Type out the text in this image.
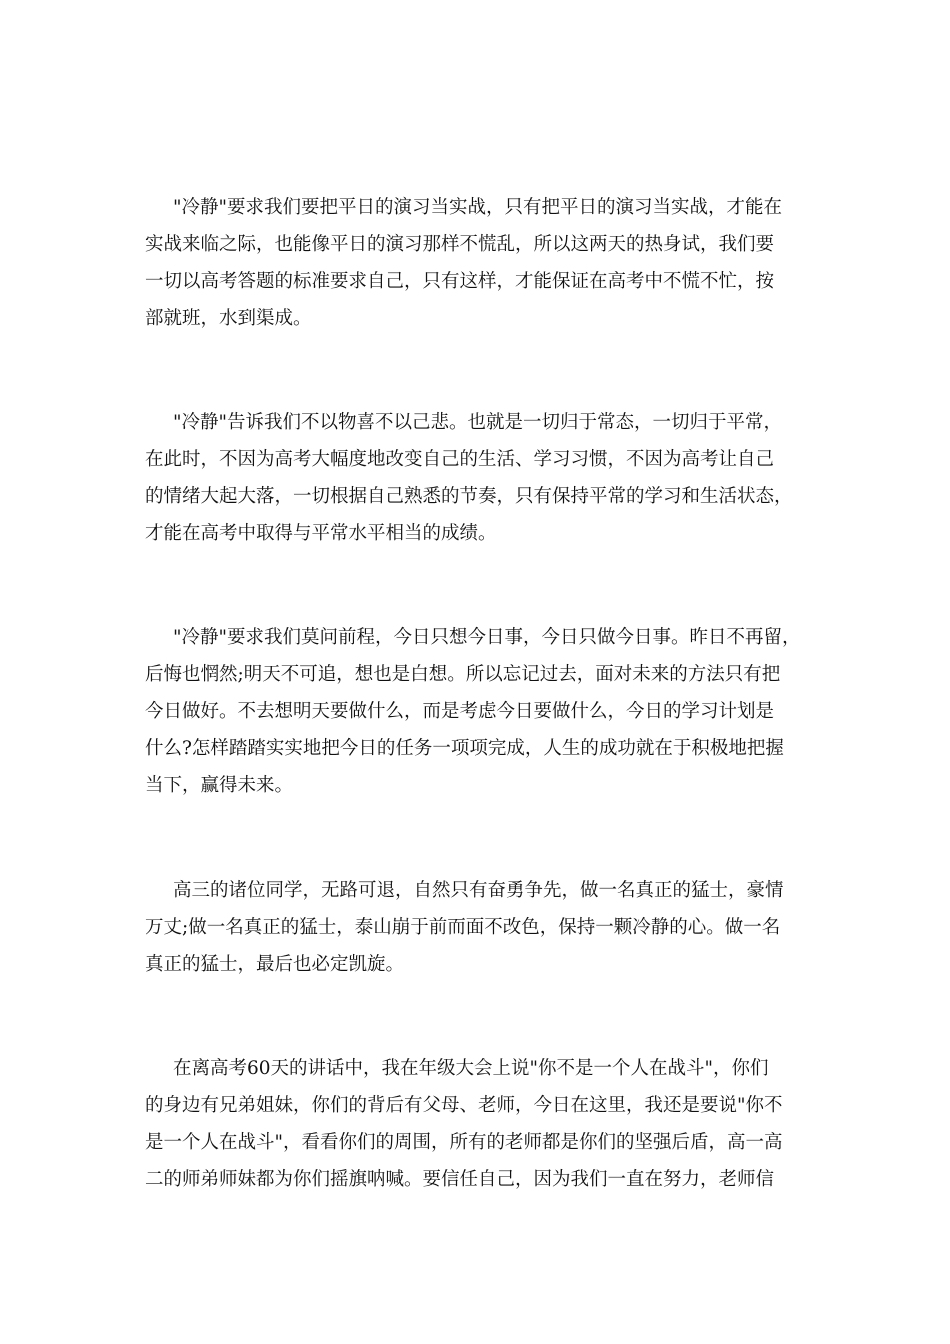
"冷静"要求我们要把平日的演习当实战，只有把平日的演习当实战，才能在
实战来临之际，也能像平日的演习那样不慌乱，所以这两天的热身试，我们要
一切以高考答题的标准要求自己，只有这样，才能保证在高考中不慌不忙，按
部就班，水到渠成。
"冷静"告诉我们不以物喜不以己悲。也就是一切归于常态，一切归于平常，
在此时，不因为高考大幅度地改变自己的生活、学习习惯，不因为高考让自己
的情绪大起大落，一切根据自己熟悉的节奏，只有保持平常的学习和生活状态，
才能在高考中取得与平常水平相当的成绩。
"冷静"要求我们莫问前程，今日只想今日事，今日只做今日事。昨日不再留，
后悔也惘然;明天不可追，想也是白想。所以忘记过去，面对未来的方法只有把
今日做好。不去想明天要做什么，而是考虑今日要做什么，今日的学习计划是
什么?怎样踏踏实实地把今日的任务一项项完成，人生的成功就在于积极地把握
当下，赢得未来。
高三的诸位同学，无路可退，自然只有奋勇争先，做一名真正的猛士，豪情
万丈;做一名真正的猛士，泰山崩于前而面不改色，保持一颗冷静的心。做一名
真正的猛士，最后也必定凯旋。
在离高考60天的讲话中，我在年级大会上说"你不是一个人在战斗"，你们
的身边有兄弟姐妹，你们的背后有父母、老师，今日在这里，我还是要说"你不
是一个人在战斗"，看看你们的周围，所有的老师都是你们的坚强后盾，高一高
二的师弟师妹都为你们摇旗呐喊。要信任自己，因为我们一直在努力，老师信
